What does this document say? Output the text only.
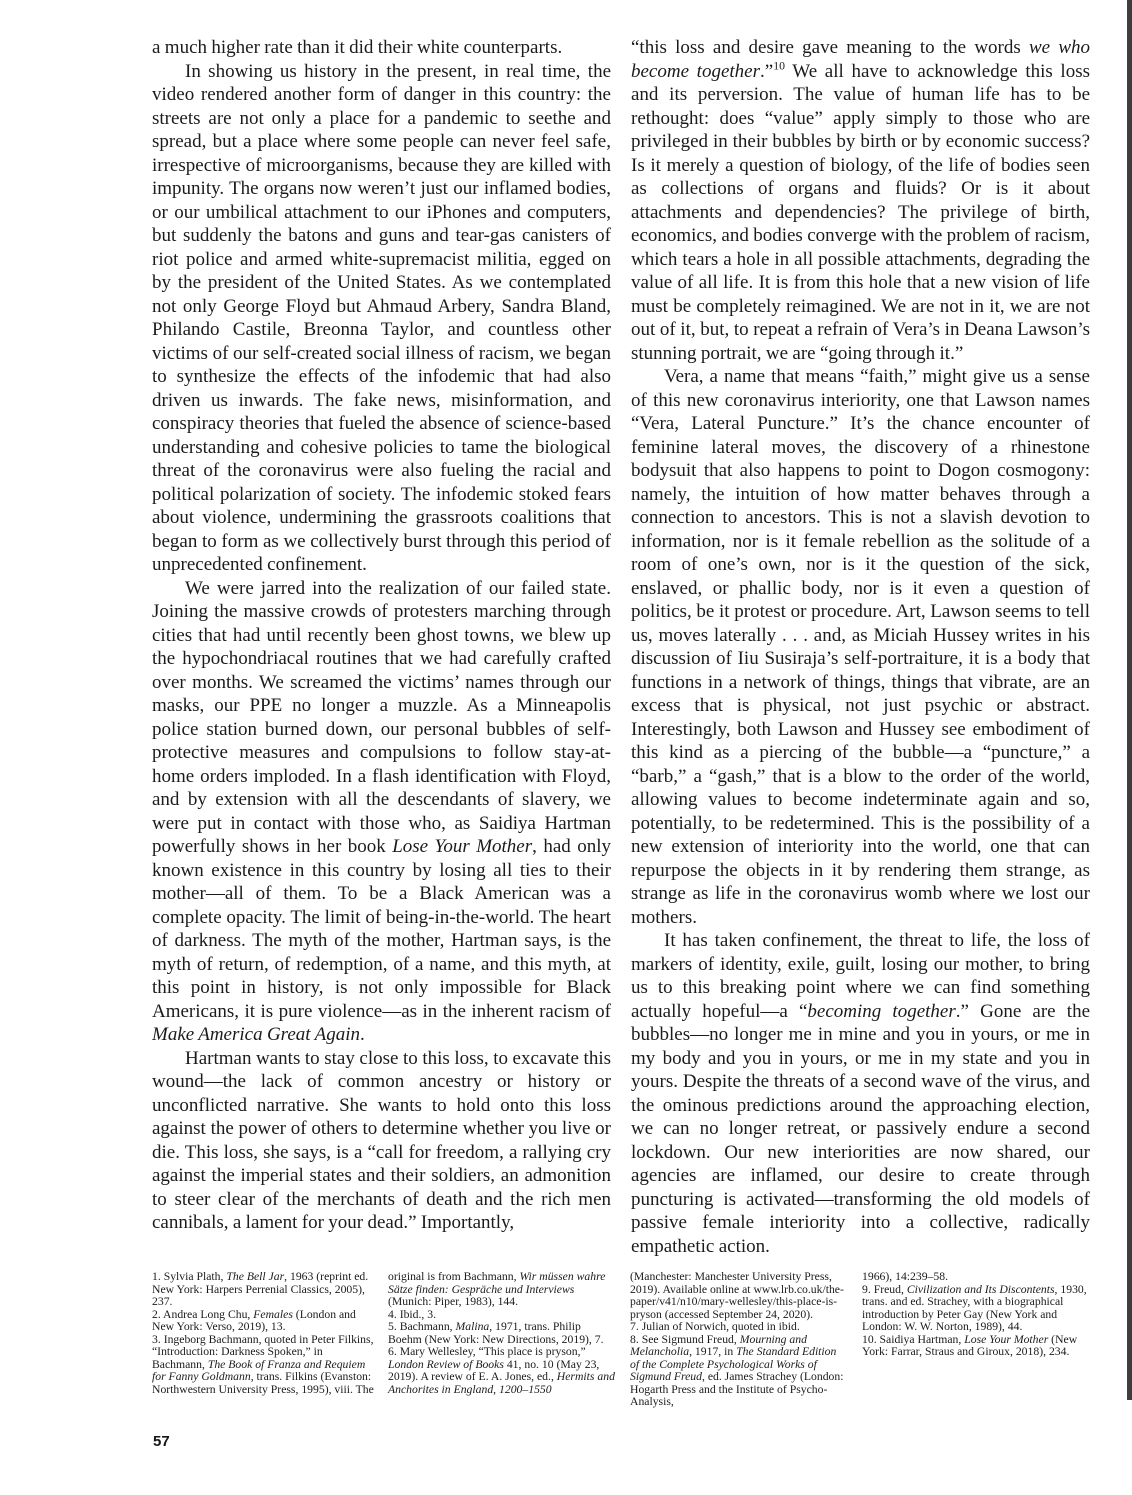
a much higher rate than it did their white counterparts.

In showing us history in the present, in real time, the video rendered another form of danger in this country: the streets are not only a place for a pandemic to seethe and spread, but a place where some people can never feel safe, irrespective of microorganisms, because they are killed with impunity. The organs now weren’t just our inflamed bodies, or our umbilical attachment to our iPhones and computers, but suddenly the batons and guns and tear-gas canisters of riot police and armed white-supremacist militia, egged on by the president of the United States. As we contemplated not only George Floyd but Ahmaud Arbery, Sandra Bland, Philando Castile, Breonna Taylor, and countless other victims of our self-created social illness of racism, we began to synthesize the effects of the infodemic that had also driven us inwards. The fake news, misinformation, and conspiracy theories that fueled the absence of science-based understanding and cohesive policies to tame the biological threat of the coronavirus were also fueling the racial and political polarization of society. The infodemic stoked fears about violence, undermining the grassroots coalitions that began to form as we collectively burst through this period of unprecedented confinement.

We were jarred into the realization of our failed state. Joining the massive crowds of protesters marching through cities that had until recently been ghost towns, we blew up the hypochondriacal routines that we had carefully crafted over months. We screamed the victims’ names through our masks, our PPE no longer a muzzle. As a Minneapolis police station burned down, our personal bubbles of self-protective measures and compulsions to follow stay-at-home orders imploded. In a flash identification with Floyd, and by extension with all the descendants of slavery, we were put in contact with those who, as Saidiya Hartman powerfully shows in her book Lose Your Mother, had only known existence in this country by losing all ties to their mother—all of them. To be a Black American was a complete opacity. The limit of being-in-the-world. The heart of darkness. The myth of the mother, Hartman says, is the myth of return, of redemption, of a name, and this myth, at this point in history, is not only impossible for Black Americans, it is pure violence—as in the inherent racism of Make America Great Again.

Hartman wants to stay close to this loss, to excavate this wound—the lack of common ancestry or history or unconflicted narrative. She wants to hold onto this loss against the power of others to determine whether you live or die. This loss, she says, is a “call for freedom, a rallying cry against the imperial states and their soldiers, an admonition to steer clear of the merchants of death and the rich men cannibals, a lament for your dead.” Importantly,

“this loss and desire gave meaning to the words we who become together.”$^{10}$ We all have to acknowledge this loss and its perversion. The value of human life has to be rethought: does “value” apply simply to those who are privileged in their bubbles by birth or by economic success? Is it merely a question of biology, of the life of bodies seen as collections of organs and fluids? Or is it about attachments and dependencies? The privilege of birth, economics, and bodies converge with the problem of racism, which tears a hole in all possible attachments, degrading the value of all life. It is from this hole that a new vision of life must be completely reimagined. We are not in it, we are not out of it, but, to repeat a refrain of Vera’s in Deana Lawson’s stunning portrait, we are “going through it.”

Vera, a name that means “faith,” might give us a sense of this new coronavirus interiority, one that Lawson names “Vera, Lateral Puncture.” It’s the chance encounter of feminine lateral moves, the discovery of a rhinestone bodysuit that also happens to point to Dogon cosmogony: namely, the intuition of how matter behaves through a connection to ancestors. This is not a slavish devotion to information, nor is it female rebellion as the solitude of a room of one’s own, nor is it the question of the sick, enslaved, or phallic body, nor is it even a question of politics, be it protest or procedure. Art, Lawson seems to tell us, moves laterally . . . and, as Miciah Hussey writes in his discussion of Iiu Susiraja’s self-portraiture, it is a body that functions in a network of things, things that vibrate, are an excess that is physical, not just psychic or abstract. Interestingly, both Lawson and Hussey see embodiment of this kind as a piercing of the bubble—a “puncture,” a “barb,” a “gash,” that is a blow to the order of the world, allowing values to become indeterminate again and so, potentially, to be redetermined. This is the possibility of a new extension of interiority into the world, one that can repurpose the objects in it by rendering them strange, as strange as life in the coronavirus womb where we lost our mothers.

It has taken confinement, the threat to life, the loss of markers of identity, exile, guilt, losing our mother, to bring us to this breaking point where we can find something actually hopeful—a “becoming together.” Gone are the bubbles—no longer me in mine and you in yours, or me in my body and you in yours, or me in my state and you in yours. Despite the threats of a second wave of the virus, and the ominous predictions around the approaching election, we can no longer retreat, or passively endure a second lockdown. Our new interiorities are now shared, our agencies are inflamed, our desire to create through puncturing is activated—transforming the old models of passive female interiority into a collective, radically empathetic action.

1. Sylvia Plath, The Bell Jar, 1963 (reprint ed. New York: Harpers Perrenial Classics, 2005), 237.
2. Andrea Long Chu, Females (London and New York: Verso, 2019), 13.
3. Ingeborg Bachmann, quoted in Peter Filkins, “Introduction: Darkness Spoken,” in Bachmann, The Book of Franza and Requiem for Fanny Goldmann, trans. Filkins (Evanston: Northwestern University Press, 1995), viii. The
original is from Bachmann, Wir müssen wahre Sätze finden: Gespräche und Interviews (Munich: Piper, 1983), 144.
4. Ibid., 3.
5. Bachmann, Malina, 1971, trans. Philip Boehm (New York: New Directions, 2019), 7.
6. Mary Wellesley, “This place is pryson,” London Review of Books 41, no. 10 (May 23, 2019). A review of E. A. Jones, ed., Hermits and Anchorites in England, 1200–1550
(Manchester: Manchester University Press, 2019). Available online at www.lrb.co.uk/the-paper/v41/n10/mary-wellesley/this-place-is-pryson (accessed September 24, 2020).
7. Julian of Norwich, quoted in ibid.
8. See Sigmund Freud, Mourning and Melancholia, 1917, in The Standard Edition of the Complete Psychological Works of Sigmund Freud, ed. James Strachey (London: Hogarth Press and the Institute of Psycho-Analysis,
1966), 14:239–58.
9. Freud, Civilization and Its Discontents, 1930, trans. and ed. Strachey, with a biographical introduction by Peter Gay (New York and London: W. W. Norton, 1989), 44.
10. Saidiya Hartman, Lose Your Mother (New York: Farrar, Straus and Giroux, 2018), 234.
57
